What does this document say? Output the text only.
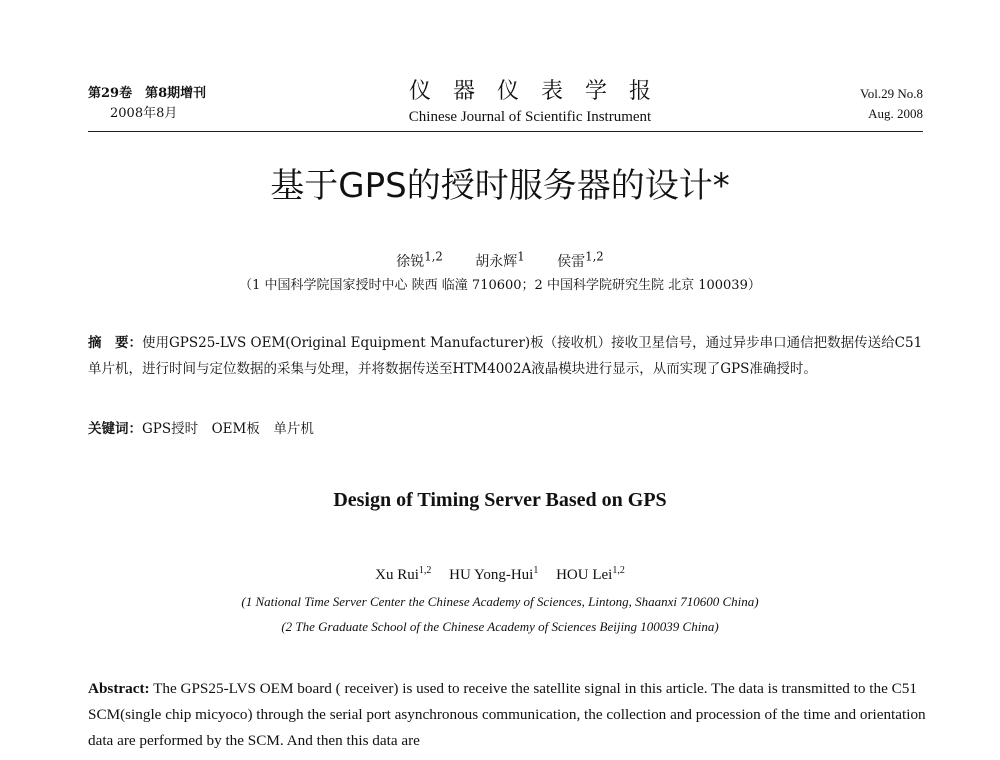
第29卷　第8期增刊
2008年8月
仪器仪表学报
Chinese Journal of Scientific Instrument
Vol.29 No.8
Aug. 2008
基于GPS的授时服务器的设计*
徐锐$^{1,2}$ 胡永辉$^1$ 侯雷$^{1,2}$
（1 中国科学院国家授时中心 陕西 临潼 710600；2 中国科学院研究生院 北京 100039）
摘　要：使用GPS25-LVS OEM(Original Equipment Manufacturer)板（接收机）接收卫星信号，通过异步串口通信把数据传送给C51单片机，进行时间与定位数据的采集与处理，并将数据传送至HTM4002A液晶模块进行显示，从而实现了GPS准确授时。
关键词：GPS授时　OEM板　单片机
Design of Timing Server Based on GPS
Xu Rui$^{1,2}$ HU Yong-Hui$^1$ HOU Lei$^{1,2}$
(1 National Time Server Center the Chinese Academy of Sciences, Lintong, Shaanxi 710600 China)
(2 The Graduate School of the Chinese Academy of Sciences Beijing 100039 China)
Abstract: The GPS25-LVS OEM board ( receiver) is used to receive the satellite signal in this article. The data is transmitted to the C51 SCM(single chip micyoco) through the serial port asynchronous communication, the collection and procession of the time and orientation data are performed by the SCM. And then this data are
